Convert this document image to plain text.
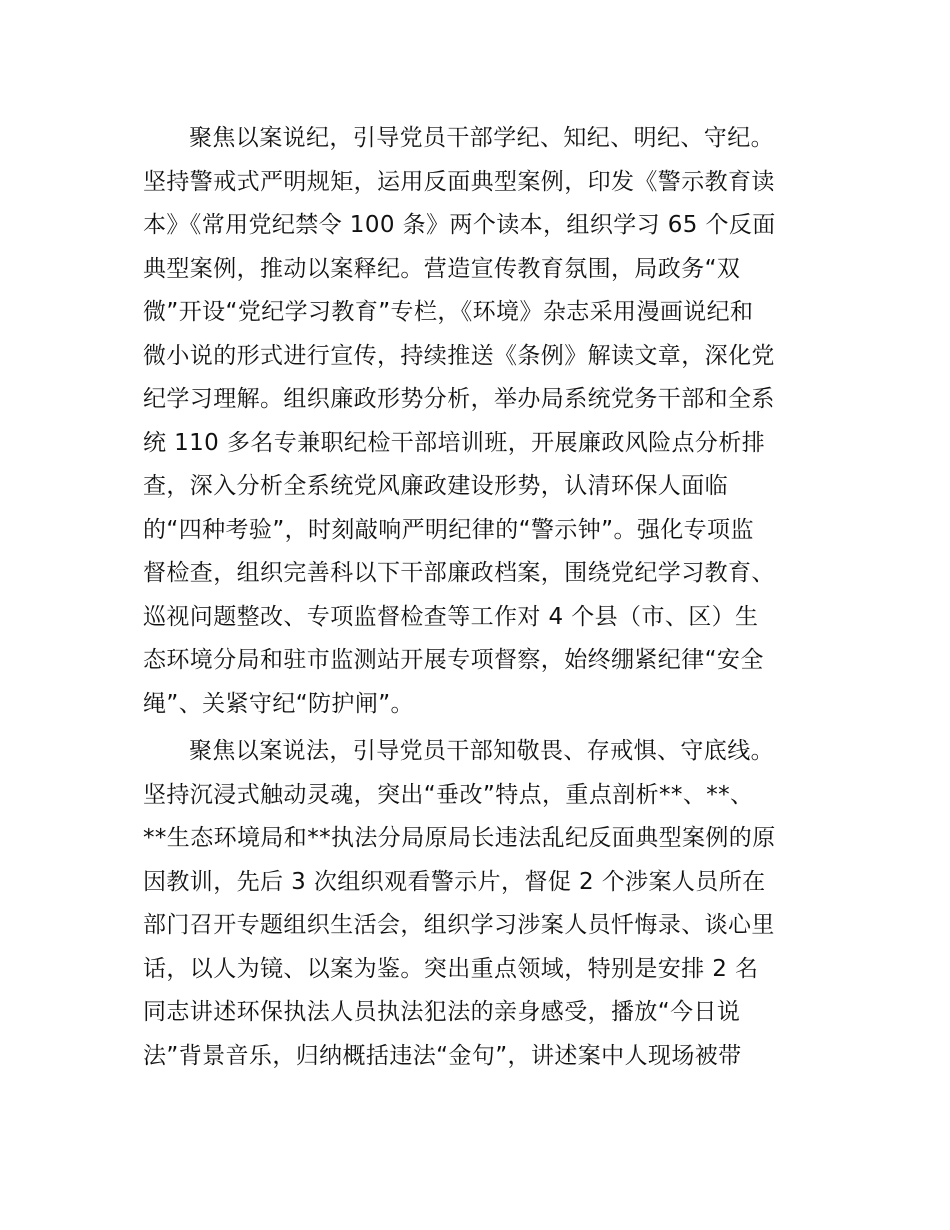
聚焦以案说纪，引导党员干部学纪、知纪、明纪、守纪。
坚持警戒式严明规矩，运用反面典型案例，印发《警示教育读
本》《常用党纪禁令 100 条》两个读本，组织学习 65 个反面
典型案例，推动以案释纪。营造宣传教育氛围，局政务“双
微”开设“党纪学习教育”专栏，《环境》杂志采用漫画说纪和
微小说的形式进行宣传，持续推送《条例》解读文章，深化党
纪学习理解。组织廉政形势分析，举办局系统党务干部和全系
统 110 多名专兼职纪检干部培训班，开展廉政风险点分析排
查，深入分析全系统党风廉政建设形势，认清环保人面临
的“四种考验”，时刻敲响严明纪律的“警示钟”。强化专项监
督检查，组织完善科以下干部廉政档案，围绕党纪学习教育、
巡视问题整改、专项监督检查等工作对 4 个县（市、区）生
态环境分局和驻市监测站开展专项督察，始终绷紧纪律“安全
绳”、关紧守纪“防护闸”。

聚焦以案说法，引导党员干部知敬畏、存戒惧、守底线。
坚持沉浸式触动灵魂，突出“垂改”特点，重点剖析**、**、
**生态环境局和**执法分局原局长违法乱纪反面典型案例的原
因教训，先后 3 次组织观看警示片，督促 2 个涉案人员所在
部门召开专题组织生活会，组织学习涉案人员忏悔录、谈心里
话，以人为镜、以案为鉴。突出重点领域，特别是安排 2 名
同志讲述环保执法人员执法犯法的亲身感受，播放“今日说
法”背景音乐，归纳概括违法“金句”，讲述案中人现场被带
